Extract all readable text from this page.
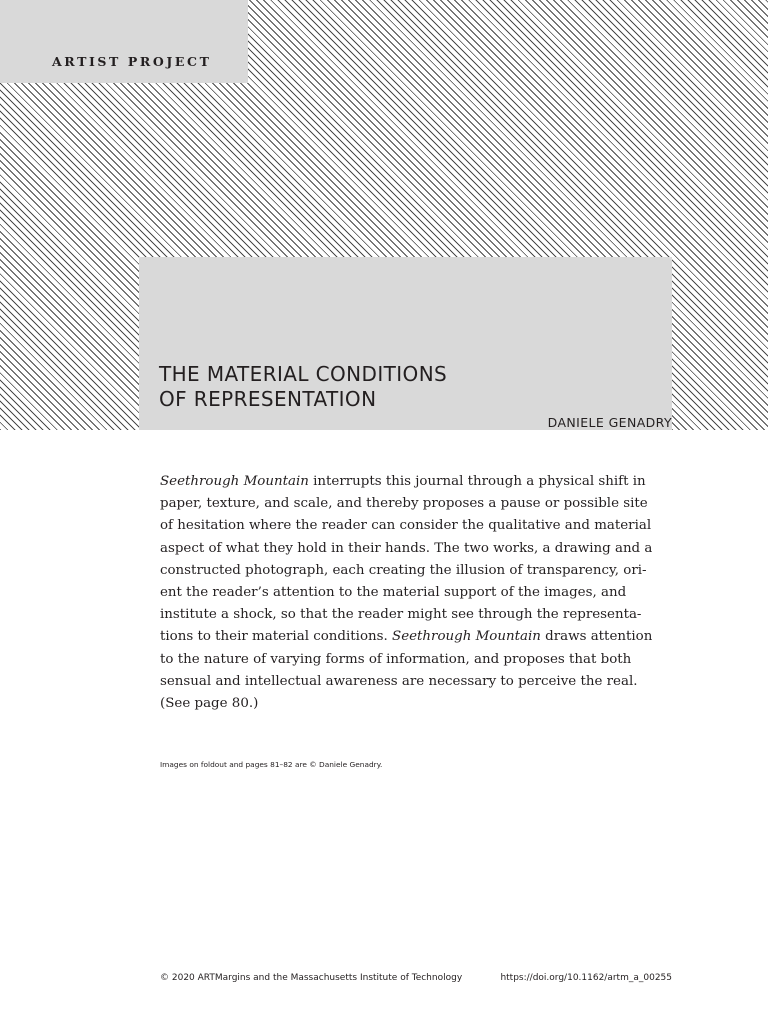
ARTIST PROJECT
THE MATERIAL CONDITIONS
OF REPRESENTATION
DANIELE GENADRY
Seethrough Mountain interrupts this journal through a physical shift in
paper, texture, and scale, and thereby proposes a pause or possible site
of hesitation where the reader can consider the qualitative and material
aspect of what they hold in their hands. The two works, a drawing and a
constructed photograph, each creating the illusion of transparency, ori-
ent the reader’s attention to the material support of the images, and
institute a shock, so that the reader might see through the representa-
tions to their material conditions. Seethrough Mountain draws attention
to the nature of varying forms of information, and proposes that both
sensual and intellectual awareness are necessary to perceive the real.
(See page 80.)
Images on foldout and pages 81–82 are © Daniele Genadry.
© 2020 ARTMargins and the Massachusetts Institute of Technology	https://doi.org/10.1162/artm_a_00255
